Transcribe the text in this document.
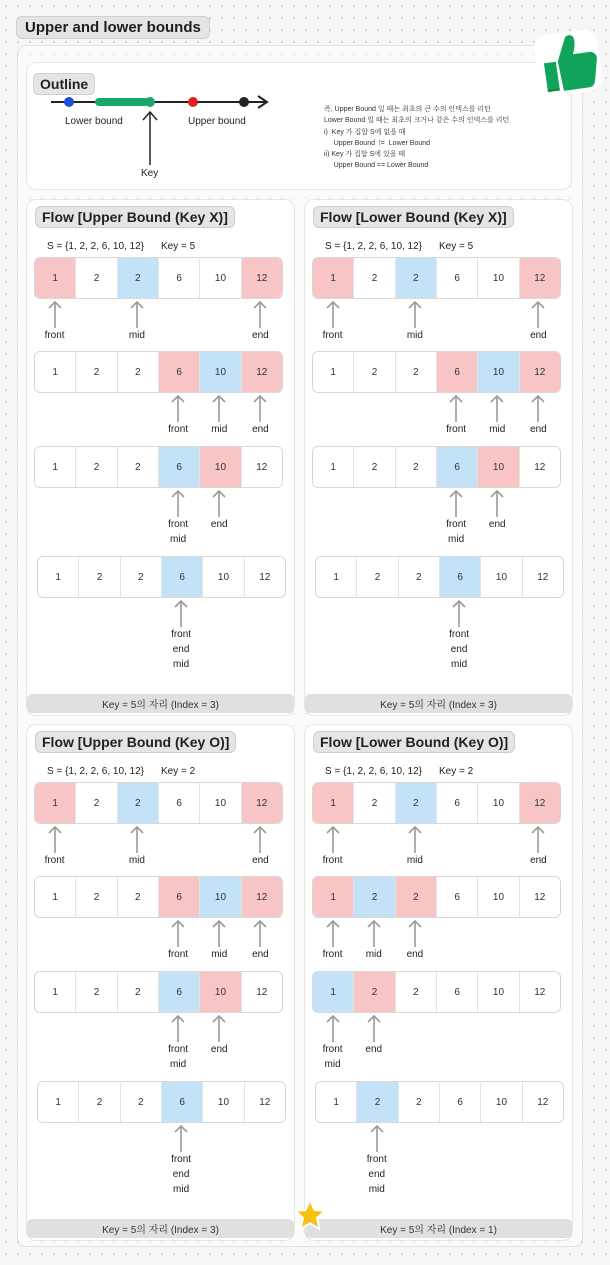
Upper and lower bounds
Outline
Lower bound	Upper bound
Key
즉, Upper Bound 일 때는 최초의 큰 수의 인덱스를 리턴
Lower Bound 일 때는 최초의 크거나 같은 수의 인덱스를 리턴
i)  Key 가 집합 S에 없을 때
Upper Bound  !=  Lower Bound
ii) Key 가 집합 S에 있을 때
Upper Bound == Lower Bound
Flow [Upper Bound (Key X)]
S = {1, 2, 2, 6, 10, 12} Key = 5
1	2	2	6	10	12
front	mid	end
1	2	2	6	10	12
front	mid	end
1	2	2	6	10	12
front
mid
end
1	2	2	6	10	12
front
end
mid
Key = 5의 자리 (Index = 3)
Flow [Lower Bound (Key X)]
S = {1, 2, 2, 6, 10, 12} Key = 5
1	2	2	6	10	12
front	mid	end
1	2	2	6	10	12
front	mid	end
1	2	2	6	10	12
front
mid
end
1	2	2	6	10	12
front
end
mid
Key = 5의 자리 (Index = 3)
Flow [Upper Bound (Key O)]
S = {1, 2, 2, 6, 10, 12} Key = 2
1	2	2	6	10	12
front	mid	end
1	2	2	6	10	12
front	mid	end
1	2	2	6	10	12
front
mid
end
1	2	2	6	10	12
front
end
mid
Key = 5의 자리 (Index = 3)
Flow [Lower Bound (Key O)]
S = {1, 2, 2, 6, 10, 12} Key = 2
1	2	2	6	10	12
front	mid	end
1	2	2	6	10	12
front	mid	end
1	2	2	6	10	12
front
mid
end
1	2	2	6	10	12
front
end
mid
Key = 5의 자리 (Index = 1)
